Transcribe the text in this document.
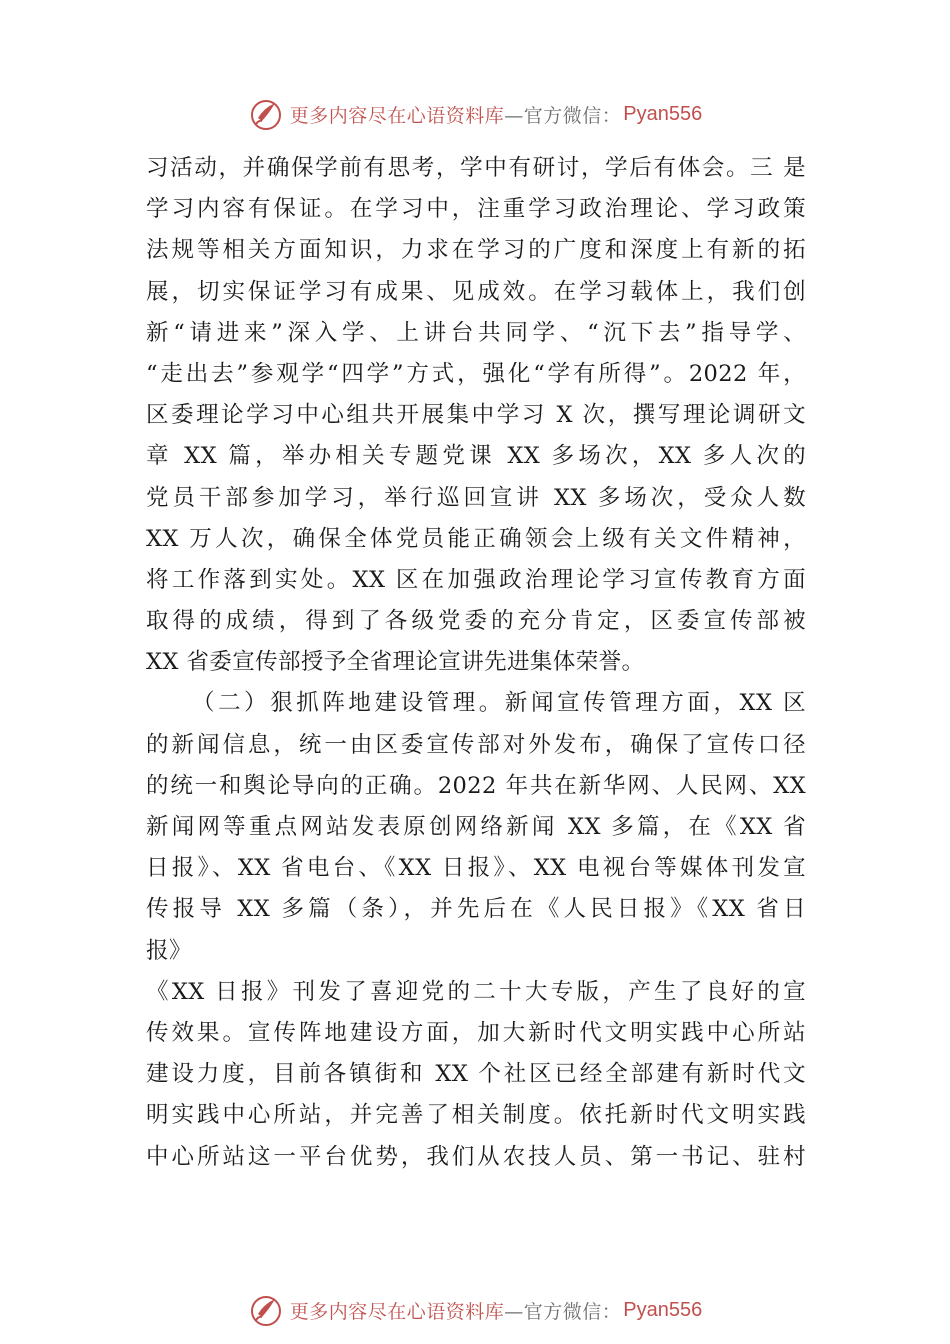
更多内容尽在心语资料库 —官方微信： Pyan556
习活动，并确保学前有思考，学中有研讨，学后有体会。三 是
学习内容有保证。在学习中，注重学习政治理论、学习政策
法规等相关方面知识，力求在学习的广度和深度上有新的拓
展，切实保证学习有成果、见成效。在学习载体上，我们创
新“请进来”深入学、上讲台共同学、“沉下去”指导学、
“走出去”参观学“四学”方式，强化“学有所得”。2022 年，
区委理论学习中心组共开展集中学习 X 次，撰写理论调研文
章 XX 篇，举办相关专题党课 XX 多场次，XX 多人次的
党员干部参加学习，举行巡回宣讲 XX 多场次，受众人数
XX 万人次，确保全体党员能正确领会上级有关文件精神，
将工作落到实处。XX 区在加强政治理论学习宣传教育方面
取得的成绩，得到了各级党委的充分肯定，区委宣传部被
XX 省委宣传部授予全省理论宣讲先进集体荣誉。
（二）狠抓阵地建设管理。新闻宣传管理方面，XX 区
的新闻信息，统一由区委宣传部对外发布，确保了宣传口径
的统一和舆论导向的正确。2022 年共在新华网、人民网、XX
新闻网等重点网站发表原创网络新闻 XX 多篇，在《XX 省
日报》、XX 省电台、《XX 日报》、XX 电视台等媒体刊发宣
传报导 XX 多篇（条），并先后在《人民日报》《XX 省日
报》
《XX 日报》刊发了喜迎党的二十大专版，产生了良好的宣
传效果。宣传阵地建设方面，加大新时代文明实践中心所站
建设力度，目前各镇街和 XX 个社区已经全部建有新时代文
明实践中心所站，并完善了相关制度。依托新时代文明实践
中心所站这一平台优势，我们从农技人员、第一书记、驻村
更多内容尽在心语资料库 —官方微信： Pyan556
